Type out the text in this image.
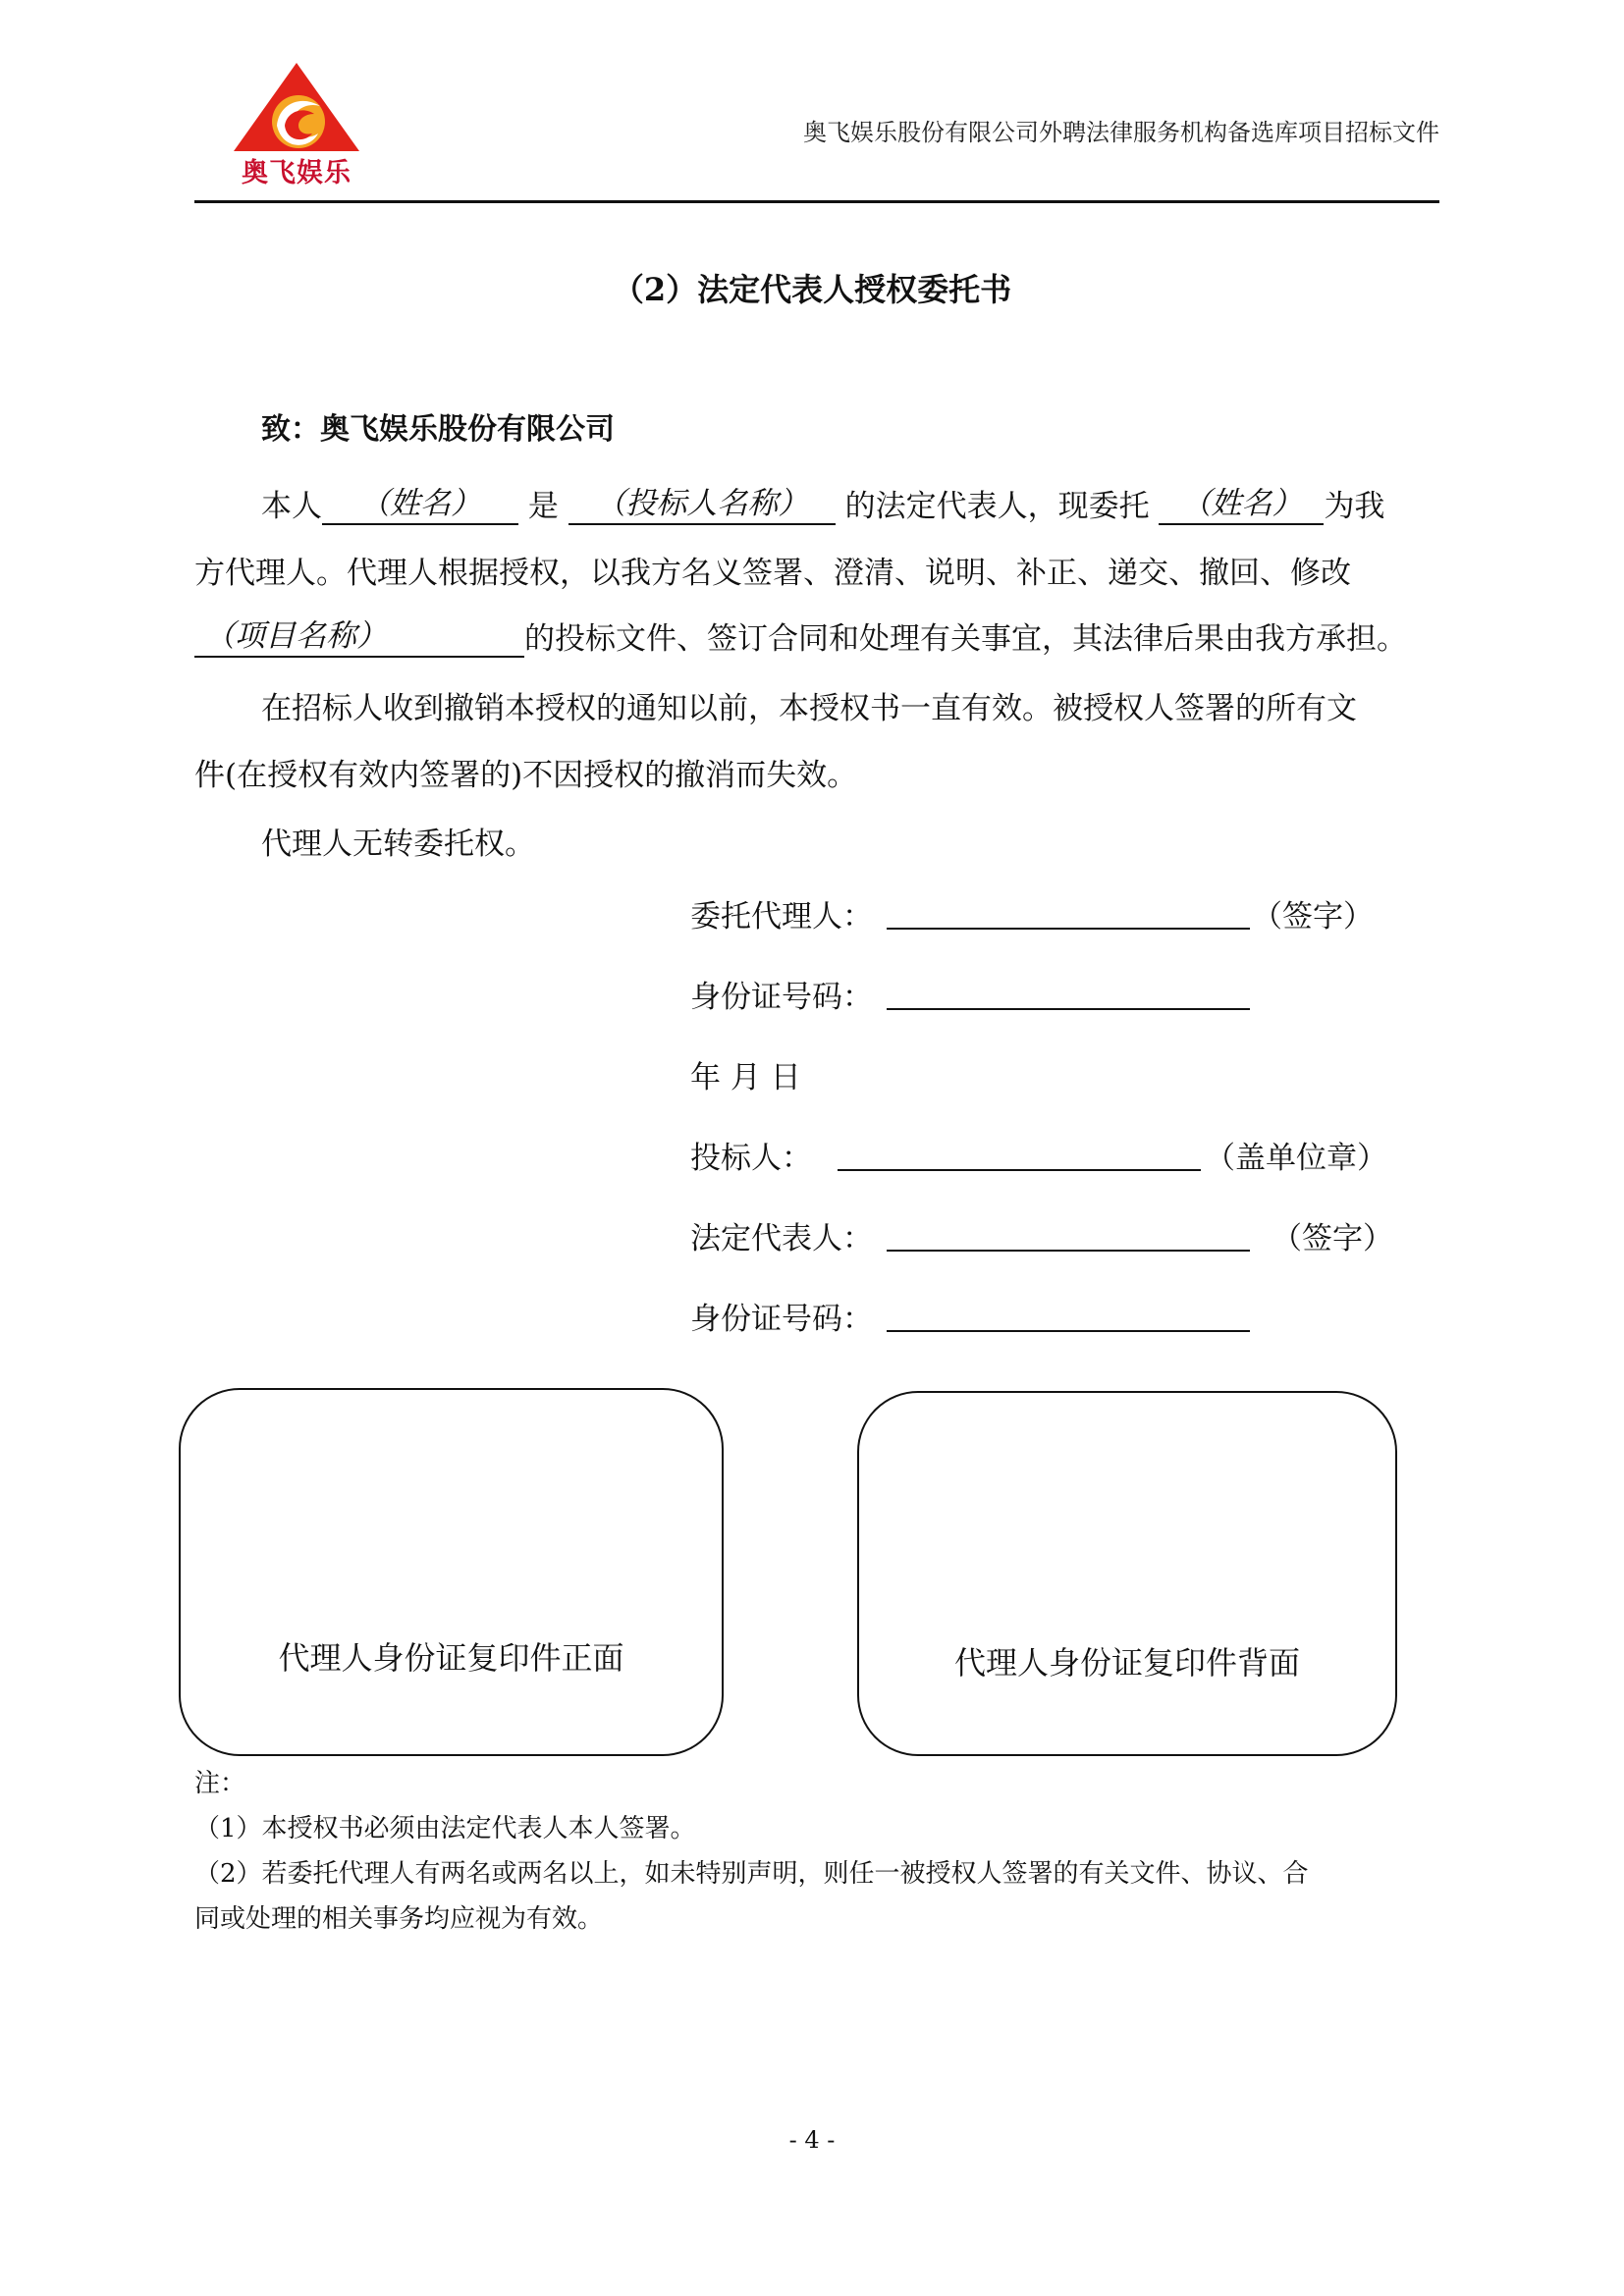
奥飞娱乐
奥飞娱乐股份有限公司外聘法律服务机构备选库项目招标文件
（2）法定代表人授权委托书
致：奥飞娱乐股份有限公司
本人 （姓名） 是 （投标人名称） 的法定代表人，现委托 （姓名） 为我
方代理人。代理人根据授权，以我方名义签署、澄清、说明、补正、递交、撤回、修改
（项目名称）	的投标文件、签订合同和处理有关事宜，其法律后果由我方承担。
在招标人收到撤销本授权的通知以前，本授权书一直有效。被授权人签署的所有文
件(在授权有效内签署的)不因授权的撤消而失效。
代理人无转委托权。
委托代理人：	（签字）
身份证号码：
年 月 日
投标人：	（盖单位章）
法定代表人：	（签字）
身份证号码：
代理人身份证复印件正面	代理人身份证复印件背面
注：
（1）本授权书必须由法定代表人本人签署。
（2）若委托代理人有两名或两名以上，如未特别声明，则任一被授权人签署的有关文件、协议、合
同或处理的相关事务均应视为有效。
- 4 -
